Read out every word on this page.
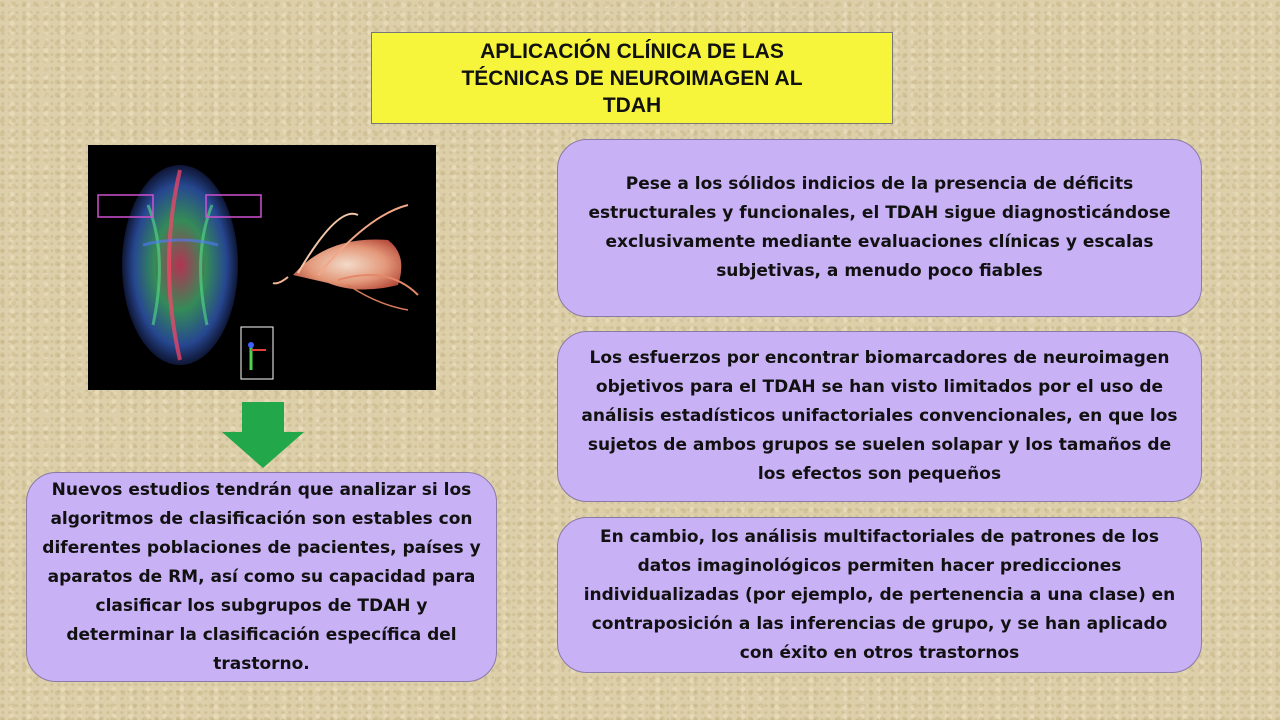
APLICACIÓN CLÍNICA DE LAS TÉCNICAS DE NEUROIMAGEN AL TDAH
Pese a los sólidos indicios de la presencia de déficits estructurales y funcionales, el TDAH sigue diagnosticándose exclusivamente mediante evaluaciones clínicas y escalas subjetivas, a menudo poco fiables
Los esfuerzos por encontrar biomarcadores de neuroimagen objetivos para el TDAH se han visto limitados por el uso de análisis estadísticos unifactoriales convencionales, en que los sujetos de ambos grupos se suelen solapar y los tamaños de los efectos son pequeños
En cambio, los análisis multifactoriales de patrones de los datos imaginológicos permiten hacer predicciones individualizadas (por ejemplo, de pertenencia a una clase) en contraposición a las inferencias de grupo, y se han aplicado con éxito en otros trastornos
Nuevos estudios tendrán que analizar si los algoritmos de clasificación son estables con diferentes poblaciones de pacientes, países y aparatos de RM, así como su capacidad para clasificar los subgrupos de TDAH y determinar la clasificación específica del trastorno.
